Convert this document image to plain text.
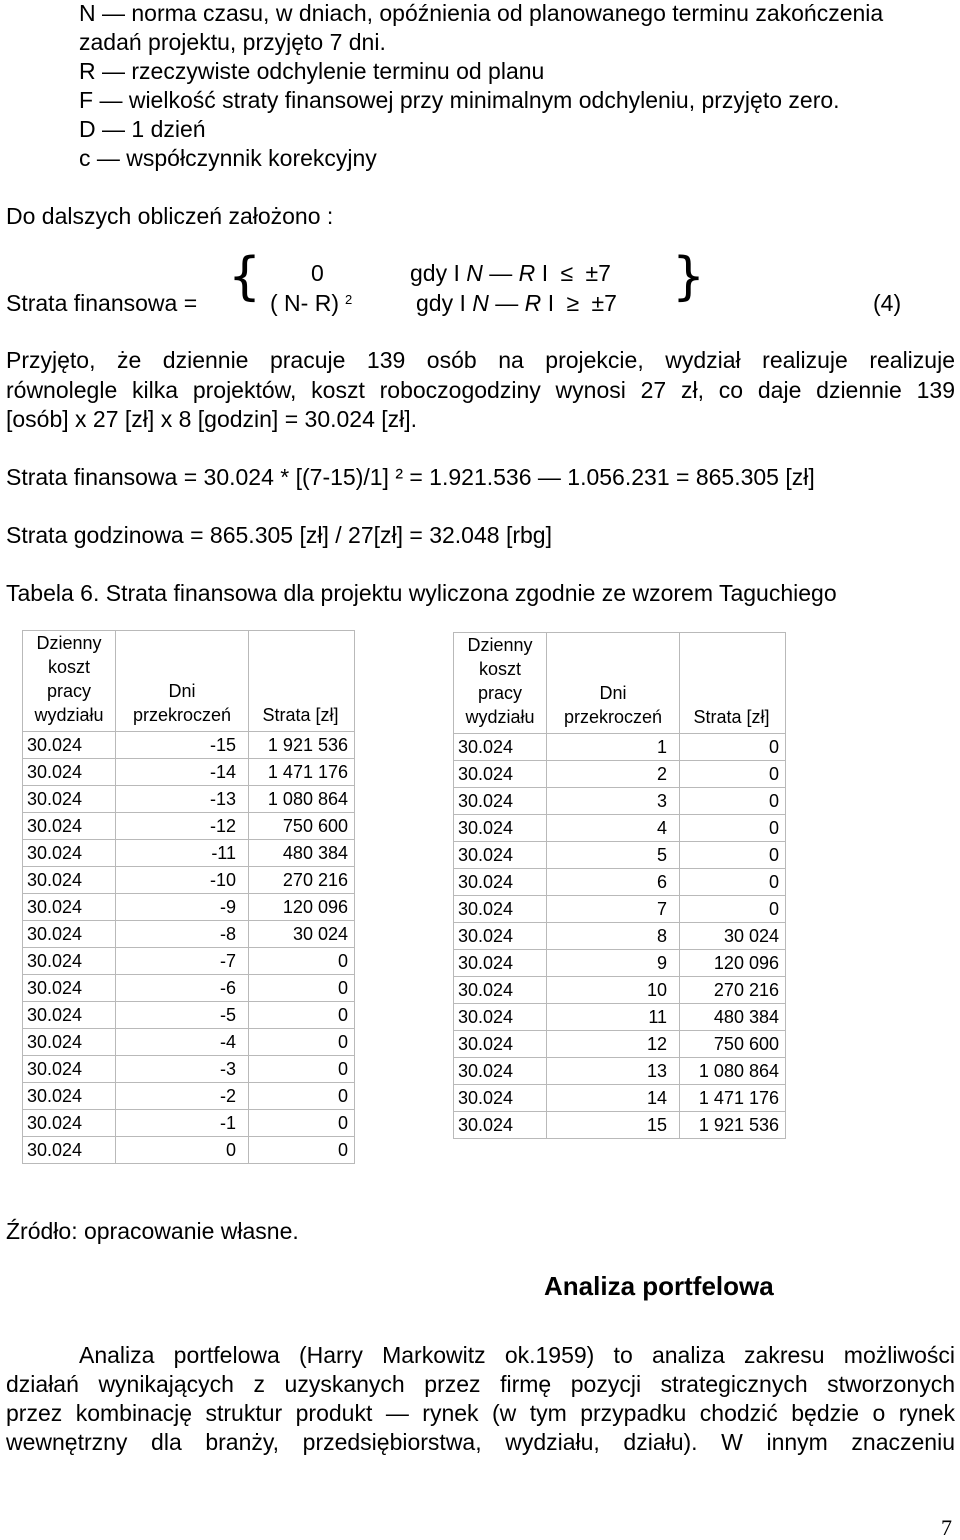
N — norma czasu, w dniach, opóźnienia od planowanego terminu zakończenia
zadań projektu, przyjęto 7 dni.
R — rzeczywiste odchylenie terminu od planu
F — wielkość straty finansowej przy minimalnym odchyleniu, przyjęto zero.
D — 1 dzień
c — współczynnik korekcyjny
Do dalszych obliczeń założono :
Strata finansowa = { 0	gdy I N — R I ≤ ±7
( N- R) $^2$	gdy I N — R I ≥ ±7 }	(4)
Przyjęto, że dziennie pracuje 139 osób na projekcie, wydział realizuje realizuje
równolegle kilka projektów, koszt roboczogodziny wynosi 27 zł, co daje dziennie 139
[osób] x 27 [zł] x 8 [godzin] = 30.024 [zł].
Strata finansowa = 30.024 * [(7-15)/1] ² = 1.921.536 — 1.056.231 = 865.305 [zł]
Strata godzinowa = 865.305 [zł] / 27[zł] = 32.048 [rbg]
Tabela 6. Strata finansowa dla projektu wyliczona zgodnie ze wzorem Taguchiego
Dzienny
koszt
pracy
wydziału	Dni
przekroczeń	Strata [zł]
30.024	-15	1 921 536
30.024	-14	1 471 176
30.024	-13	1 080 864
30.024	-12	750 600
30.024	-11	480 384
30.024	-10	270 216
30.024	-9	120 096
30.024	-8	30 024
30.024	-7	0
30.024	-6	0
30.024	-5	0
30.024	-4	0
30.024	-3	0
30.024	-2	0
30.024	-1	0
30.024	0	0
Dzienny
koszt
pracy
wydziału	Dni
przekroczeń	Strata [zł]
30.024	1	0
30.024	2	0
30.024	3	0
30.024	4	0
30.024	5	0
30.024	6	0
30.024	7	0
30.024	8	30 024
30.024	9	120 096
30.024	10	270 216
30.024	11	480 384
30.024	12	750 600
30.024	13	1 080 864
30.024	14	1 471 176
30.024	15	1 921 536
Źródło: opracowanie własne.
Analiza portfelowa
Analiza portfelowa (Harry Markowitz ok.1959) to analiza zakresu możliwości
działań wynikających z uzyskanych przez firmę pozycji strategicznych stworzonych
przez kombinację struktur produkt — rynek (w tym przypadku chodzić będzie o rynek
wewnętrzny dla branży, przedsiębiorstwa, wydziału, działu). W innym znaczeniu
7
